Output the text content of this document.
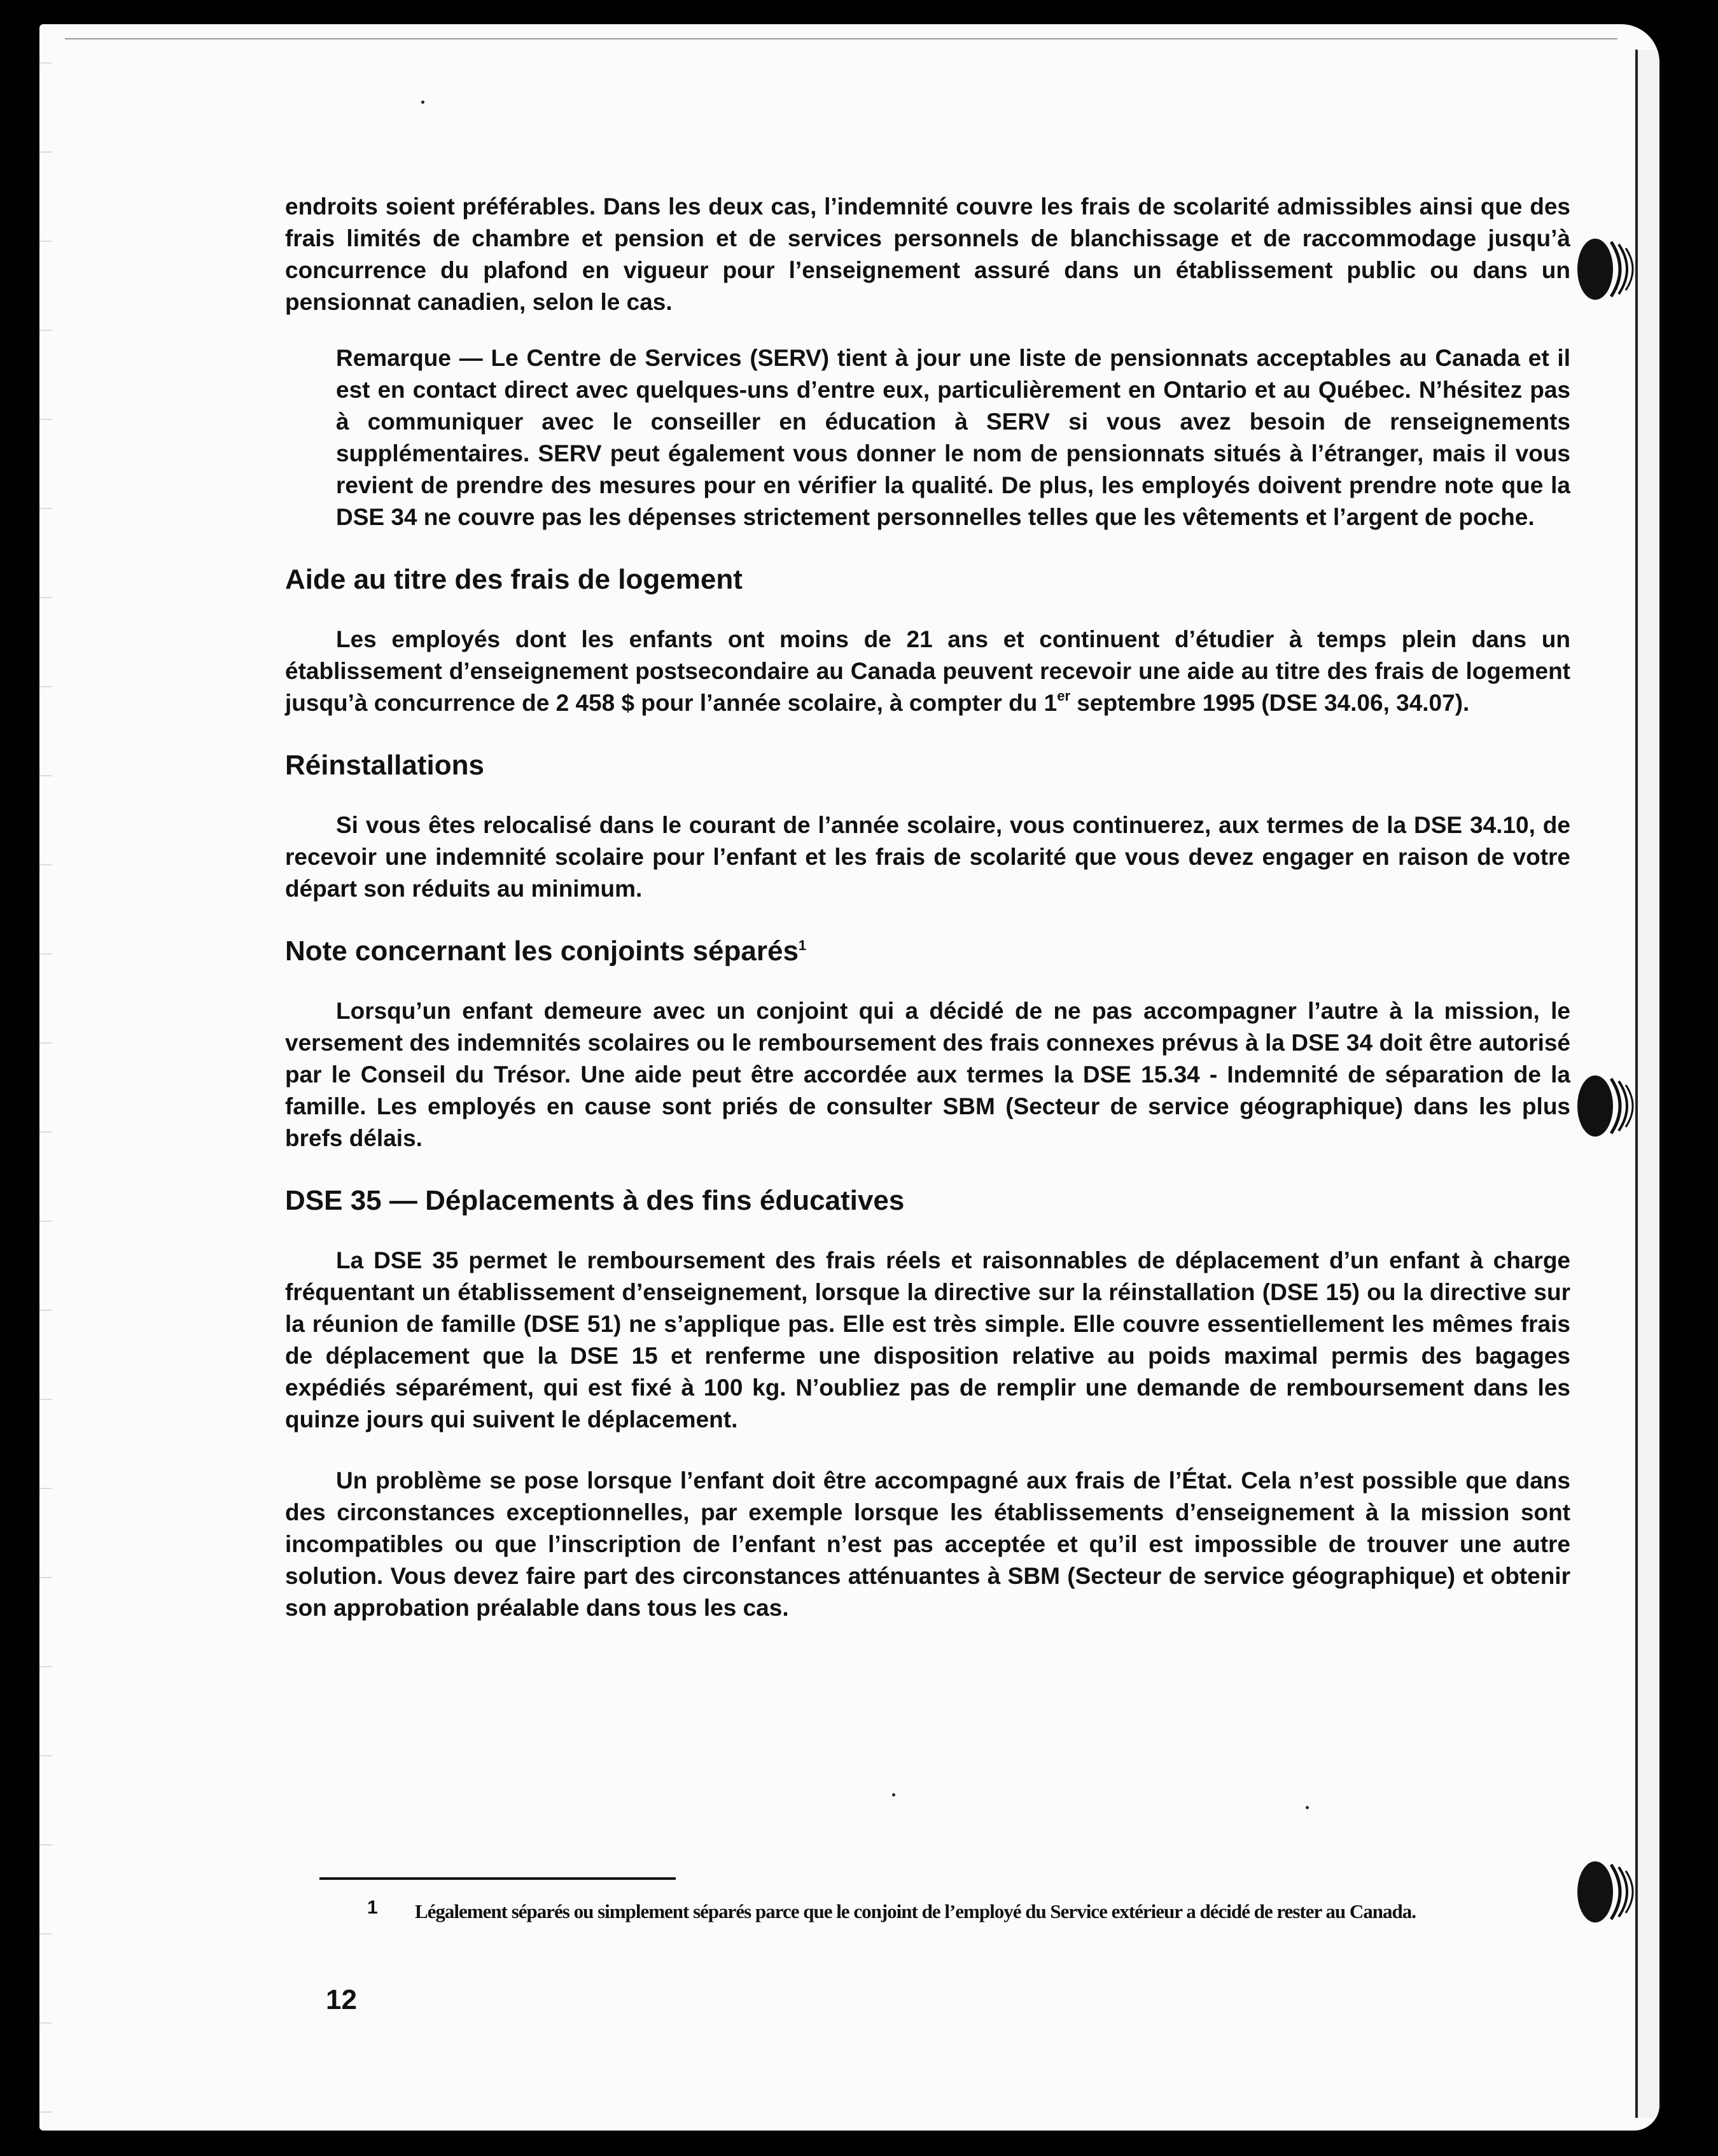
endroits soient préférables. Dans les deux cas, l’indemnité couvre les frais de scolarité admissibles ainsi que des frais limités de chambre et pension et de services personnels de blanchissage et de raccommodage jusqu’à concurrence du plafond en vigueur pour l’enseignement assuré dans un établissement public ou dans un pensionnat canadien, selon le cas.

Remarque — Le Centre de Services (SERV) tient à jour une liste de pensionnats acceptables au Canada et il est en contact direct avec quelques-uns d’entre eux, particulièrement en Ontario et au Québec. N’hésitez pas à communiquer avec le conseiller en éducation à SERV si vous avez besoin de renseignements supplémentaires. SERV peut également vous donner le nom de pensionnats situés à l’étranger, mais il vous revient de prendre des mesures pour en vérifier la qualité. De plus, les employés doivent prendre note que la DSE 34 ne couvre pas les dépenses strictement personnelles telles que les vêtements et l’argent de poche.

Aide au titre des frais de logement

Les employés dont les enfants ont moins de 21 ans et continuent d’étudier à temps plein dans un établissement d’enseignement postsecondaire au Canada peuvent recevoir une aide au titre des frais de logement jusqu’à concurrence de 2 458 $ pour l’année scolaire, à compter du 1er septembre 1995 (DSE 34.06, 34.07).

Réinstallations

Si vous êtes relocalisé dans le courant de l’année scolaire, vous continuerez, aux termes de la DSE 34.10, de recevoir une indemnité scolaire pour l’enfant et les frais de scolarité que vous devez engager en raison de votre départ son réduits au minimum.

Note concernant les conjoints séparés$^1$

Lorsqu’un enfant demeure avec un conjoint qui a décidé de ne pas accompagner l’autre à la mission, le versement des indemnités scolaires ou le remboursement des frais connexes prévus à la DSE 34 doit être autorisé par le Conseil du Trésor. Une aide peut être accordée aux termes la DSE 15.34 - Indemnité de séparation de la famille. Les employés en cause sont priés de consulter SBM (Secteur de service géographique) dans les plus brefs délais.

DSE 35 — Déplacements à des fins éducatives

La DSE 35 permet le remboursement des frais réels et raisonnables de déplacement d’un enfant à charge fréquentant un établissement d’enseignement, lorsque la directive sur la réinstallation (DSE 15) ou la directive sur la réunion de famille (DSE 51) ne s’applique pas. Elle est très simple. Elle couvre essentiellement les mêmes frais de déplacement que la DSE 15 et renferme une disposition relative au poids maximal permis des bagages expédiés séparément, qui est fixé à 100 kg. N’oubliez pas de remplir une demande de remboursement dans les quinze jours qui suivent le déplacement.

Un problème se pose lorsque l’enfant doit être accompagné aux frais de l’État. Cela n’est possible que dans des circonstances exceptionnelles, par exemple lorsque les établissements d’enseignement à la mission sont incompatibles ou que l’inscription de l’enfant n’est pas acceptée et qu’il est impossible de trouver une autre solution. Vous devez faire part des circonstances atténuantes à SBM (Secteur de service géographique) et obtenir son approbation préalable dans tous les cas.

1 Légalement séparés ou simplement séparés parce que le conjoint de l’employé du Service extérieur a décidé de rester au Canada.
12
